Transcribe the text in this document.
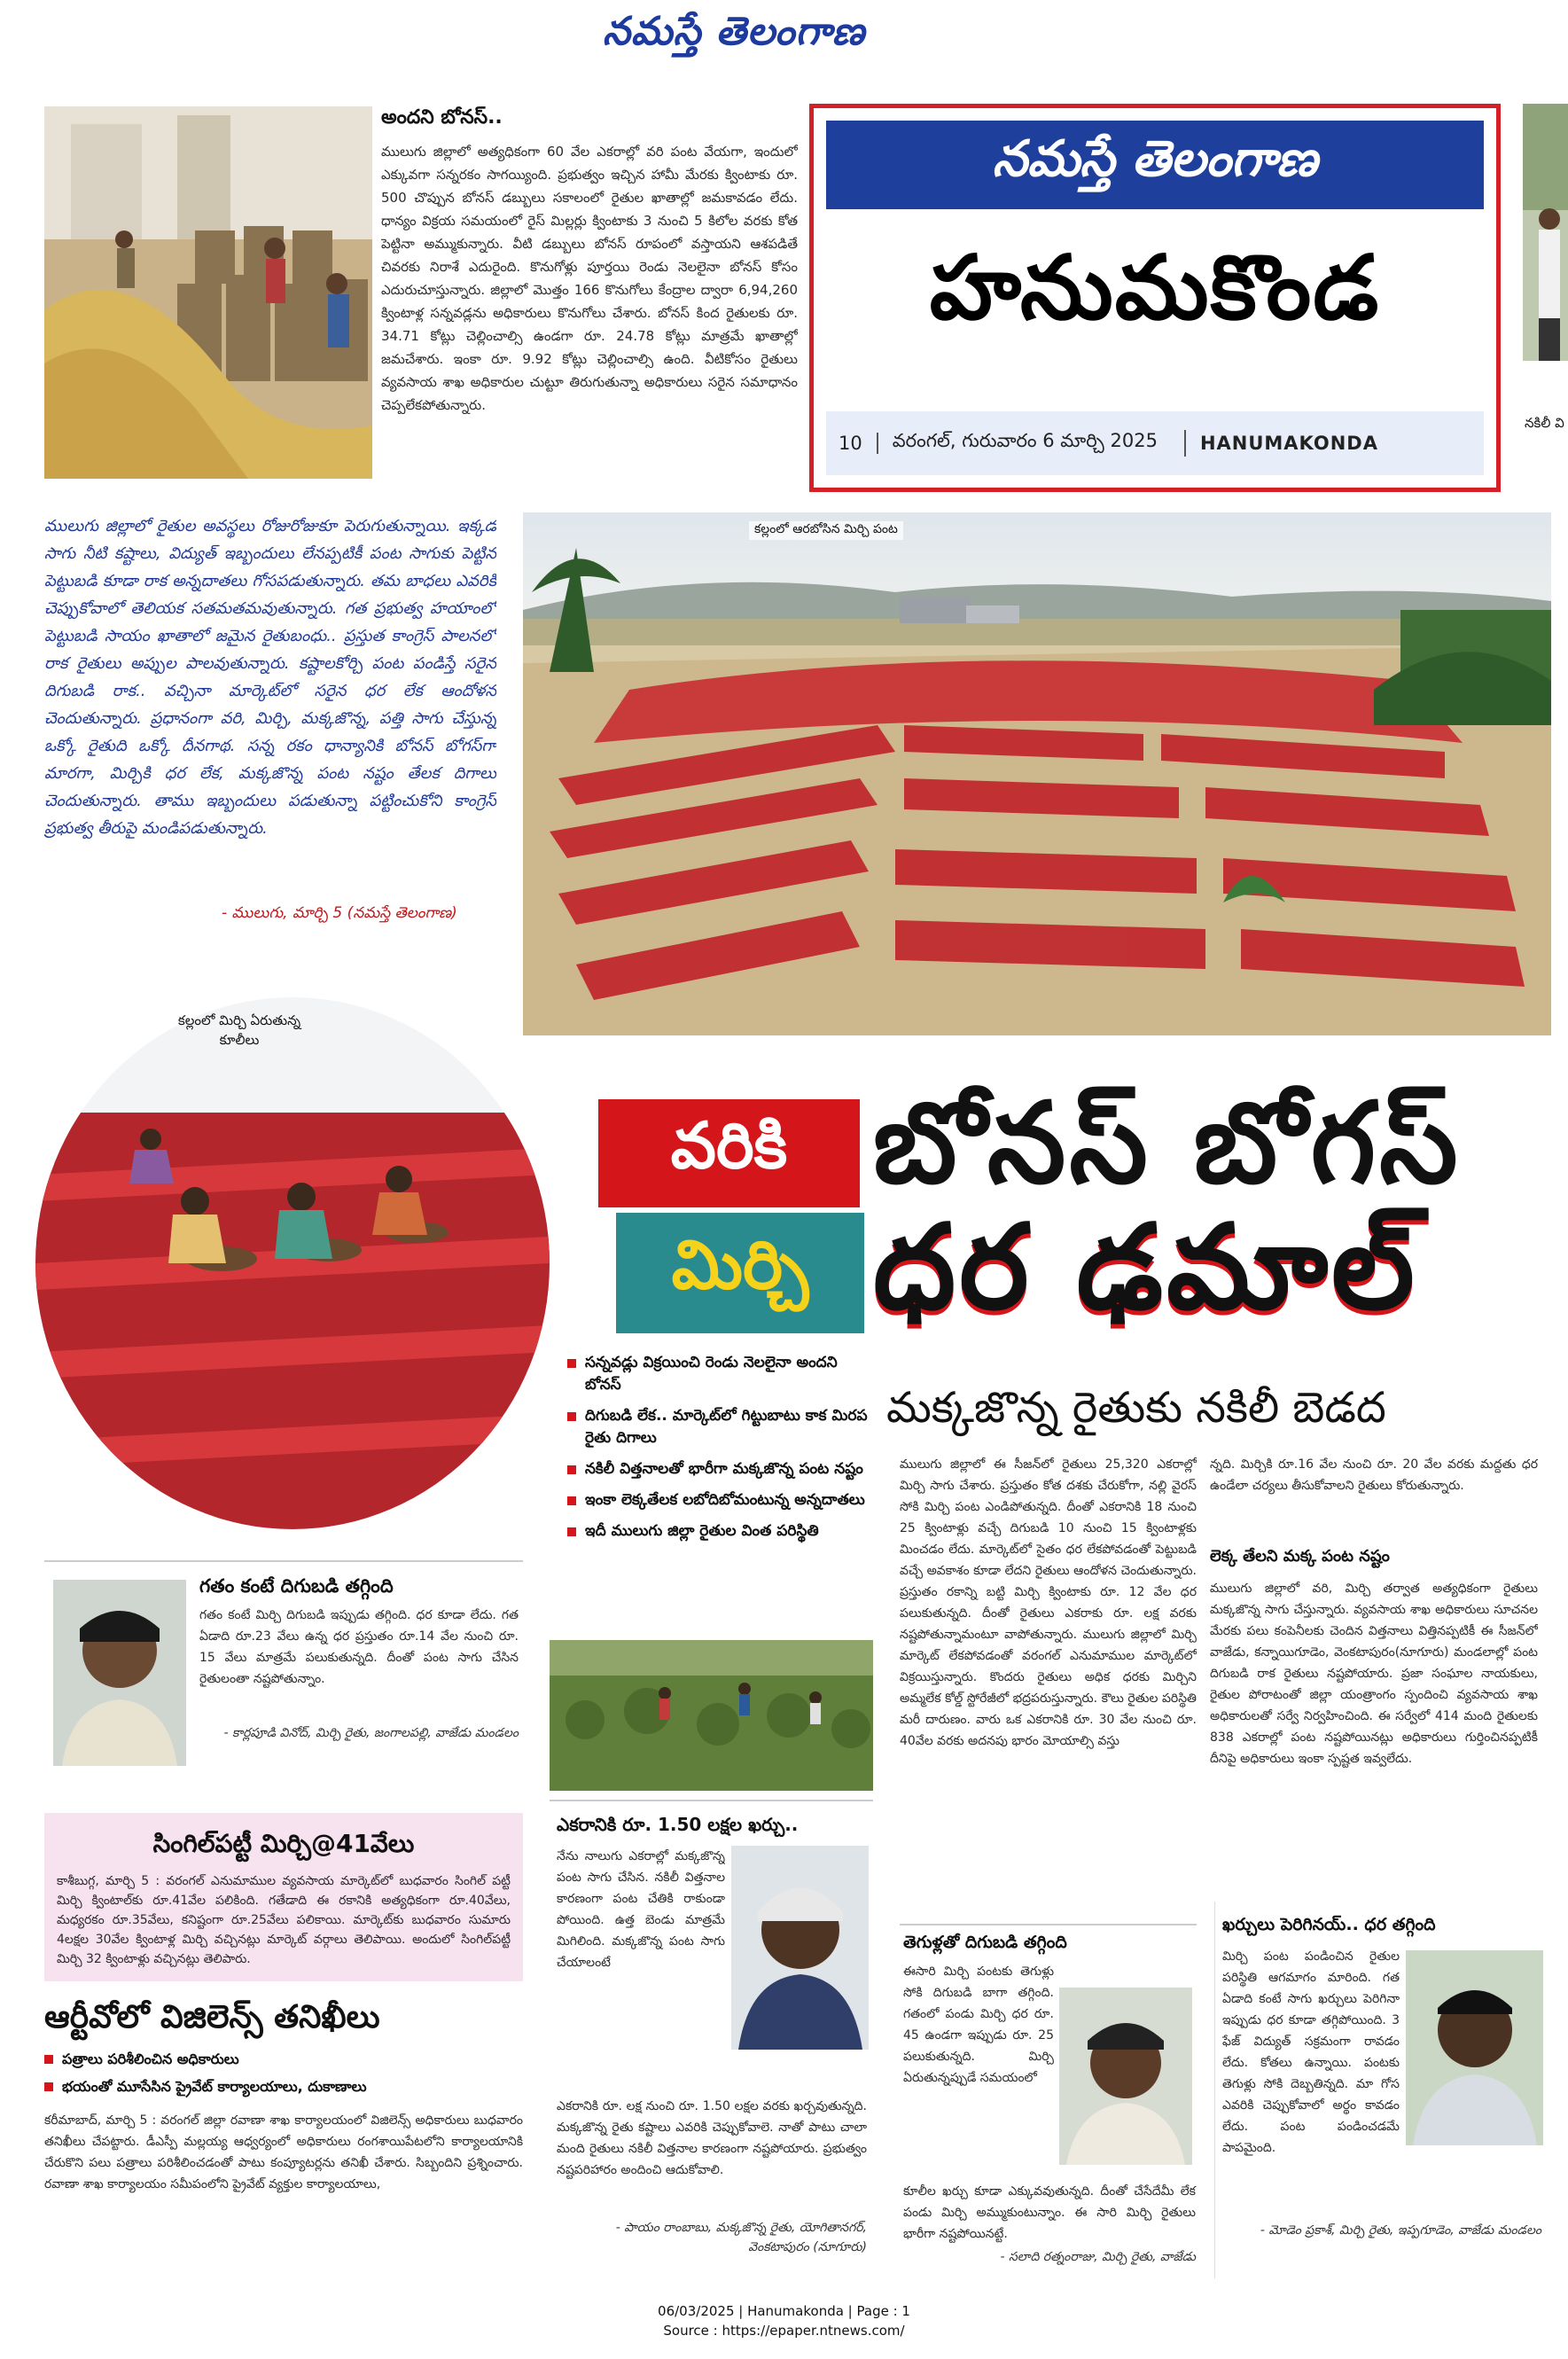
నమస్తే తెలంగాణ
అందని బోనస్..
ములుగు జిల్లాలో అత్యధికంగా 60 వేల ఎకరాల్లో వరి పంట వేయగా, ఇందులో ఎక్కువగా సన్నరకం సాగయ్యింది. ప్రభుత్వం ఇచ్చిన హామీ మేరకు క్వింటాకు రూ. 500 చొప్పున బోనస్ డబ్బులు సకాలంలో రైతుల ఖాతాల్లో జమకావడం లేదు. ధాన్యం విక్రయ సమయంలో రైస్ మిల్లర్లు క్వింటాకు 3 నుంచి 5 కిలోల వరకు కోత పెట్టినా అమ్ముకున్నారు. వీటి డబ్బులు బోనస్ రూపంలో వస్తాయని ఆశపడితే చివరకు నిరాశే ఎదురైంది. కొనుగోళ్లు పూర్తయి రెండు నెలలైనా బోనస్ కోసం ఎదురుచూస్తున్నారు. జిల్లాలో మొత్తం 166 కొనుగోలు కేంద్రాల ద్వారా 6,94,260 క్వింటాళ్ల సన్నవడ్లను అధికారులు కొనుగోలు చేశారు. బోనస్ కింద రైతులకు రూ. 34.71 కోట్లు చెల్లించాల్సి ఉండగా రూ. 24.78 కోట్లు మాత్రమే ఖాతాల్లో జమచేశారు. ఇంకా రూ. 9.92 కోట్లు చెల్లించాల్సి ఉంది. వీటికోసం రైతులు వ్యవసాయ శాఖ అధికారుల చుట్టూ తిరుగుతున్నా అధికారులు సరైన సమాధానం చెప్పలేకపోతున్నారు.
నమస్తే తెలంగాణ
హనుమకొండ
10	వరంగల్, గురువారం 6 మార్చి 2025	HANUMAKONDA
నకిలీ వి
ములుగు జిల్లాలో రైతుల అవస్థలు రోజురోజుకూ పెరుగుతున్నాయి. ఇక్కడ సాగు నీటి కష్టాలు, విద్యుత్ ఇబ్బందులు లేనప్పటికీ పంట సాగుకు పెట్టిన పెట్టుబడి కూడా రాక అన్నదాతలు గోసపడుతున్నారు. తమ బాధలు ఎవరికి చెప్పుకోవాలో తెలియక సతమతమవుతున్నారు. గత ప్రభుత్వ హయాంలో పెట్టుబడి సాయం ఖాతాలో జమైన రైతుబంధు.. ప్రస్తుత కాంగ్రెస్ పాలనలో రాక రైతులు అప్పుల పాలవుతున్నారు. కష్టాలకోర్చి పంట పండిస్తే సరైన దిగుబడి రాక.. వచ్చినా మార్కెట్‌లో సరైన ధర లేక ఆందోళన చెందుతున్నారు. ప్రధానంగా వరి, మిర్చి, మక్కజొన్న, పత్తి సాగు చేస్తున్న ఒక్కో రైతుది ఒక్కో దీనగాథ. సన్న రకం ధాన్యానికి బోనస్ బోగస్‌గా మారగా, మిర్చికి ధర లేక, మక్కజొన్న పంట నష్టం తేలక దిగాలు చెందుతున్నారు. తాము ఇబ్బందులు పడుతున్నా పట్టించుకోని కాంగ్రెస్ ప్రభుత్వ తీరుపై మండిపడుతున్నారు.
- ములుగు, మార్చి 5 (నమస్తే తెలంగాణ)
కల్లంలో ఆరబోసిన మిర్చి పంట
కల్లంలో మిర్చి ఏరుతున్న కూలీలు
వరికి
మిర్చి
బోనస్ బోగస్
ధర ఢమాల్
మక్కజొన్న రైతుకు నకిలీ బెడద
సన్నవడ్లు విక్రయించి రెండు నెలలైనా అందని బోనస్
దిగుబడి లేక.. మార్కెట్‌లో గిట్టుబాటు కాక మిరప రైతు దిగాలు
నకిలీ విత్తనాలతో భారీగా మక్కజొన్న పంట నష్టం
ఇంకా లెక్కతేలక లబోదిబోమంటున్న అన్నదాతలు
ఇదీ ములుగు జిల్లా రైతుల వింత పరిస్థితి
గతం కంటే దిగుబడి తగ్గింది
గతం కంటే మిర్చి దిగుబడి ఇప్పుడు తగ్గింది. ధర కూడా లేదు. గత ఏడాది రూ.23 వేలు ఉన్న ధర ప్రస్తుతం రూ.14 వేల నుంచి రూ. 15 వేలు మాత్రమే పలుకుతున్నది. దీంతో పంట సాగు చేసిన రైతులంతా నష్టపోతున్నాం.
- కార్లపూడి వినోద్, మిర్చి రైతు, జంగాలపల్లి, వాజేడు మండలం
సింగిల్‌పట్టీ మిర్చి@41వేలు
కాశీబుగ్గ, మార్చి 5 : వరంగల్ ఎనుమాముల వ్యవసాయ మార్కెట్‌లో బుధవారం సింగిల్ పట్టీ మిర్చి క్వింటాల్‌కు రూ.41వేల పలికింది. గతేడాది ఈ రకానికి అత్యధికంగా రూ.40వేలు, మధ్యరకం రూ.35వేలు, కనిష్టంగా రూ.25వేలు పలికాయి. మార్కెట్‌కు బుధవారం సుమారు 4లక్షల 30వేల క్వింటాళ్ల మిర్చి వచ్చినట్లు మార్కెట్ వర్గాలు తెలిపాయి. అందులో సింగిల్‌పట్టీ మిర్చి 32 క్వింటాళ్లు వచ్చినట్లు తెలిపారు.
ఆర్టీవోలో విజిలెన్స్ తనిఖీలు
పత్రాలు పరిశీలించిన అధికారులు
భయంతో మూసేసిన ప్రైవేట్ కార్యాలయాలు, దుకాణాలు
కరీమాబాద్, మార్చి 5 : వరంగల్ జిల్లా రవాణా శాఖ కార్యాలయంలో విజిలెన్స్ అధికారులు బుధవారం తనిఖీలు చేపట్టారు. డీఎస్పీ మల్లయ్య ఆధ్వర్యంలో అధికారులు రంగశాయిపేటలోని కార్యాలయానికి చేరుకొని పలు పత్రాలు పరిశీలించడంతో పాటు కంప్యూటర్లను తనిఖీ చేశారు. సిబ్బందిని ప్రశ్నించారు. రవాణా శాఖ కార్యాలయం సమీపంలోని ప్రైవేట్ వ్యక్తుల కార్యాలయాలు,
ఎకరానికి రూ. 1.50 లక్షల ఖర్చు..
నేను నాలుగు ఎకరాల్లో మక్కజొన్న పంట సాగు చేసిన. నకిలీ విత్తనాల కారణంగా పంట చేతికి రాకుండా పోయింది. ఉత్త బెండు మాత్రమే మిగిలింది. మక్కజొన్న పంట సాగు చేయాలంటే
ఎకరానికి రూ. లక్ష నుంచి రూ. 1.50 లక్షల వరకు ఖర్చవుతున్నది. మక్కజొన్న రైతు కష్టాలు ఎవరికి చెప్పుకోవాలె. నాతో పాటు చాలా మంది రైతులు నకిలీ విత్తనాల కారణంగా నష్టపోయారు. ప్రభుత్వం నష్టపరిహారం అందించి ఆదుకోవాలి.
- పాయం రాంబాబు, మక్కజొన్న రైతు, యోగితానగర్, వెంకటాపురం (నూగూరు)
ములుగు జిల్లాలో ఈ సీజన్‌లో రైతులు 25,320 ఎకరాల్లో మిర్చి సాగు చేశారు. ప్రస్తుతం కోత దశకు చేరుకోగా, నల్లి వైరస్ సోకి మిర్చి పంట ఎండిపోతున్నది. దీంతో ఎకరానికి 18 నుంచి 25 క్వింటాళ్లు వచ్చే దిగుబడి 10 నుంచి 15 క్వింటాళ్లకు మించడం లేదు. మార్కెట్‌లో సైతం ధర లేకపోవడంతో పెట్టుబడి వచ్చే అవకాశం కూడా లేదని రైతులు ఆందోళన చెందుతున్నారు. ప్రస్తుతం రకాన్ని బట్టి మిర్చి క్వింటాకు రూ. 12 వేల ధర పలుకుతున్నది. దీంతో రైతులు ఎకరాకు రూ. లక్ష వరకు నష్టపోతున్నామంటూ వాపోతున్నారు. ములుగు జిల్లాలో మిర్చి మార్కెట్ లేకపోవడంతో వరంగల్ ఎనుమాముల మార్కెట్‌లో విక్రయిస్తున్నారు. కొందరు రైతులు అధిక ధరకు మిర్చిని అమ్మలేక కోల్డ్ స్టోరేజీలో భద్రపరుస్తున్నారు. కౌలు రైతుల పరిస్థితి మరీ దారుణం. వారు ఒక ఎకరానికి రూ. 30 వేల నుంచి రూ. 40వేల వరకు అదనపు భారం మోయాల్సి వస్తు
న్నది. మిర్చికి రూ.16 వేల నుంచి రూ. 20 వేల వరకు మద్దతు ధర ఉండేలా చర్యలు తీసుకోవాలని రైతులు కోరుతున్నారు.
లెక్క తేలని మక్క పంట నష్టం
ములుగు జిల్లాలో వరి, మిర్చి తర్వాత అత్యధికంగా రైతులు మక్కజొన్న సాగు చేస్తున్నారు. వ్యవసాయ శాఖ అధికారులు సూచనల మేరకు పలు కంపెనీలకు చెందిన విత్తనాలు విత్తినప్పటికీ ఈ సీజన్‌లో వాజేడు, కన్నాయిగూడెం, వెంకటాపురం(నూగూరు) మండలాల్లో పంట దిగుబడి రాక రైతులు నష్టపోయారు. ప్రజా సంఘాల నాయకులు, రైతుల పోరాటంతో జిల్లా యంత్రాంగం స్పందించి వ్యవసాయ శాఖ అధికారులతో సర్వే నిర్వహించింది. ఈ సర్వేలో 414 మంది రైతులకు 838 ఎకరాల్లో పంట నష్టపోయినట్లు అధికారులు గుర్తించినప్పటికీ దీనిపై అధికారులు ఇంకా స్పష్టత ఇవ్వలేదు.
తెగుళ్లతో దిగుబడి తగ్గింది
ఈసారి మిర్చి పంటకు తెగుళ్లు సోకి దిగుబడి బాగా తగ్గింది. గతంలో పండు మిర్చి ధర రూ. 45 ఉండగా ఇప్పుడు రూ. 25 పలుకుతున్నది. మిర్చి ఏరుతున్నప్పుడే సమయంలో
కూలీల ఖర్చు కూడా ఎక్కువవుతున్నది. దీంతో చేసేదేమీ లేక పండు మిర్చి అమ్ముకుంటున్నాం. ఈ సారి మిర్చి రైతులు భారీగా నష్టపోయినట్టే.
- సలాది రత్నంరాజు, మిర్చి రైతు, వాజేడు
ఖర్చులు పెరిగినయ్.. ధర తగ్గింది
మిర్చి పంట పండించిన రైతుల పరిస్థితి ఆగమాగం మారింది. గత ఏడాది కంటే సాగు ఖర్చులు పెరిగినా ఇప్పుడు ధర కూడా తగ్గిపోయింది. 3 ఫేజ్ విద్యుత్ సక్రమంగా రావడం లేదు. కోతలు ఉన్నాయి. పంటకు తెగుళ్లు సోకి దెబ్బతిన్నది. మా గోస ఎవరికి చెప్పుకోవాలో అర్థం కావడం లేదు. పంట పండించడమే పాపమైంది.
- మోడెం ప్రకాశ్, మిర్చి రైతు, ఇప్పగూడెం, వాజేడు మండలం
06/03/2025 | Hanumakonda | Page : 1
Source : https://epaper.ntnews.com/
